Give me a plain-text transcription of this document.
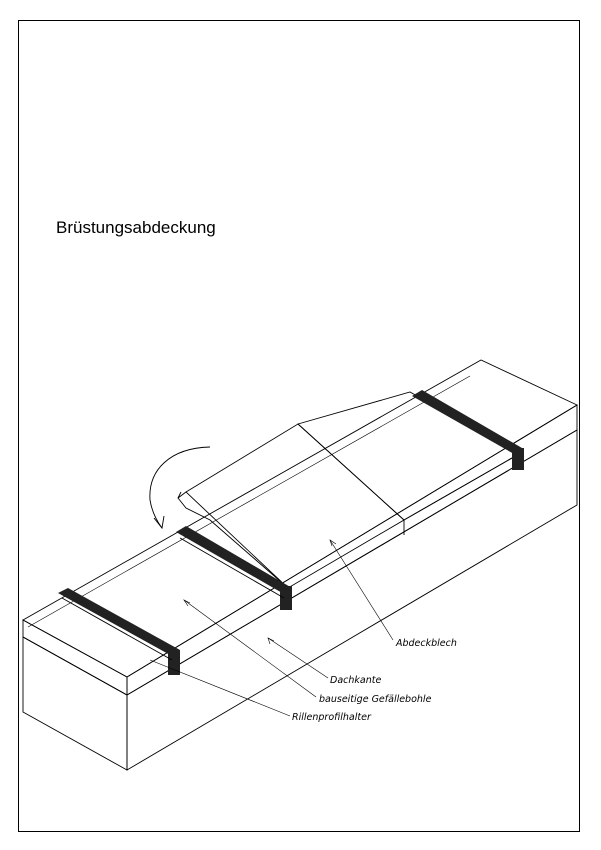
Brüstungsabdeckung
Abdeckblech
Dachkante
bauseitige Gefällebohle
Rillenprofilhalter
